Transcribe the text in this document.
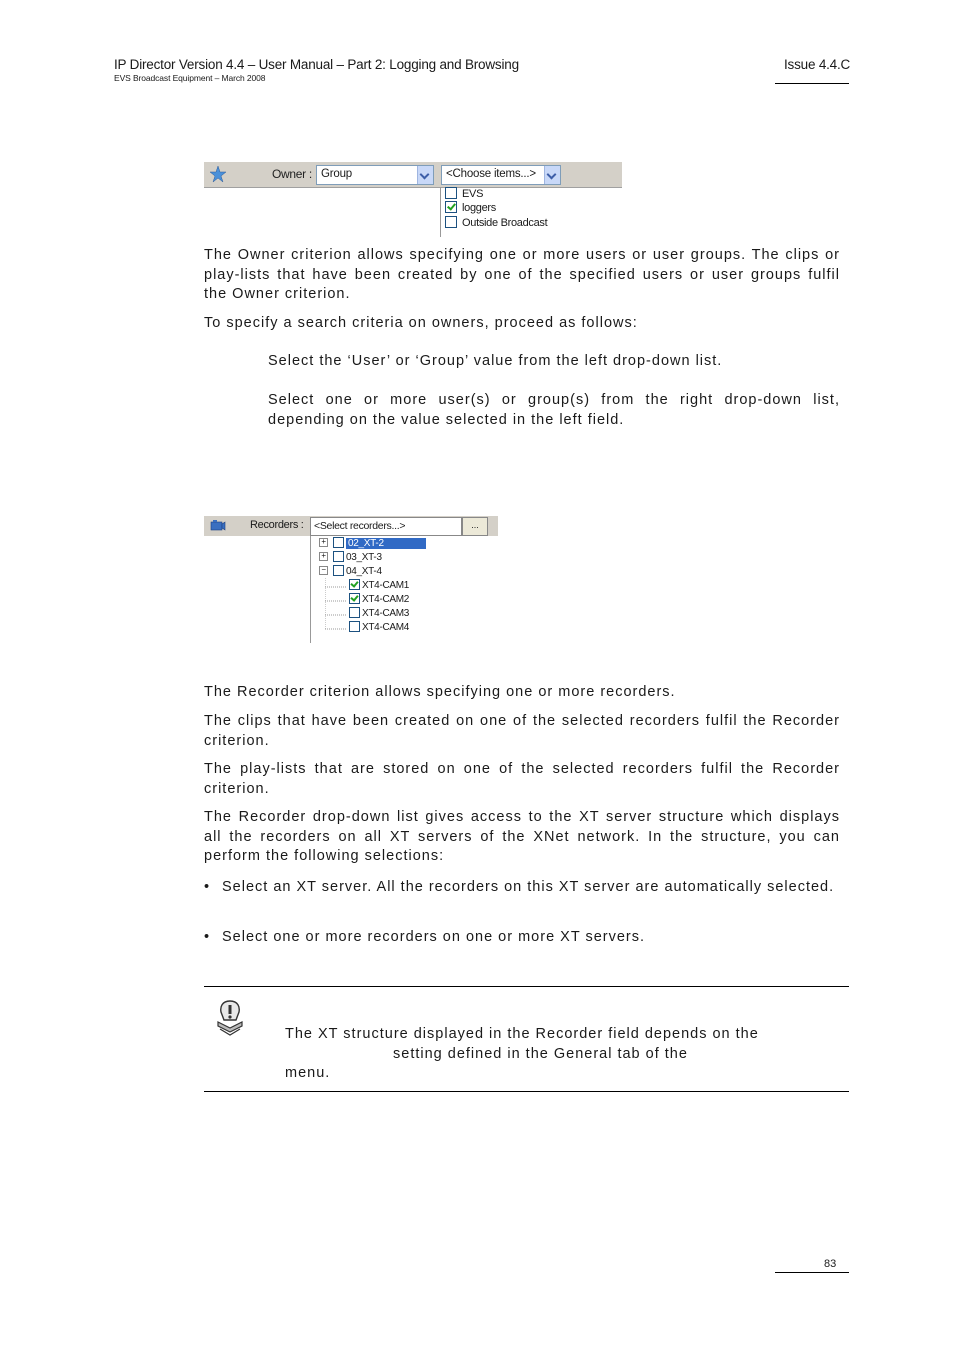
IP Director Version 4.4 – User Manual – Part 2: Logging and Browsing
EVS Broadcast Equipment – March 2008
Issue 4.4.C
Owner : Group	<Choose items...>
EVS
loggers
Outside Broadcast
The Owner criterion allows specifying one or more users or user groups. The clips or play-lists that have been created by one of the specified users or user groups fulfil the Owner criterion.
To specify a search criteria on owners, proceed as follows:
Select the ‘User’ or ‘Group’ value from the left drop-down list.
Select one or more user(s) or group(s) from the right drop-down list, depending on the value selected in the left field.
Recorders : <Select recorders...>	...
+ 02_XT-2
+ 03_XT-3
− 04_XT-4
XT4-CAM1
XT4-CAM2
XT4-CAM3
XT4-CAM4
The Recorder criterion allows specifying one or more recorders.
The clips that have been created on one of the selected recorders fulfil the Recorder criterion.
The play-lists that are stored on one of the selected recorders fulfil the Recorder criterion.
The Recorder drop-down list gives access to the XT server structure which displays all the recorders on all XT servers of the XNet network. In the structure, you can perform the following selections:
• Select an XT server. All the recorders on this XT server are automatically selected.
• Select one or more recorders on one or more XT servers.
The XT structure displayed in the Recorder field depends on the
setting defined in the General tab of the
menu.
83
